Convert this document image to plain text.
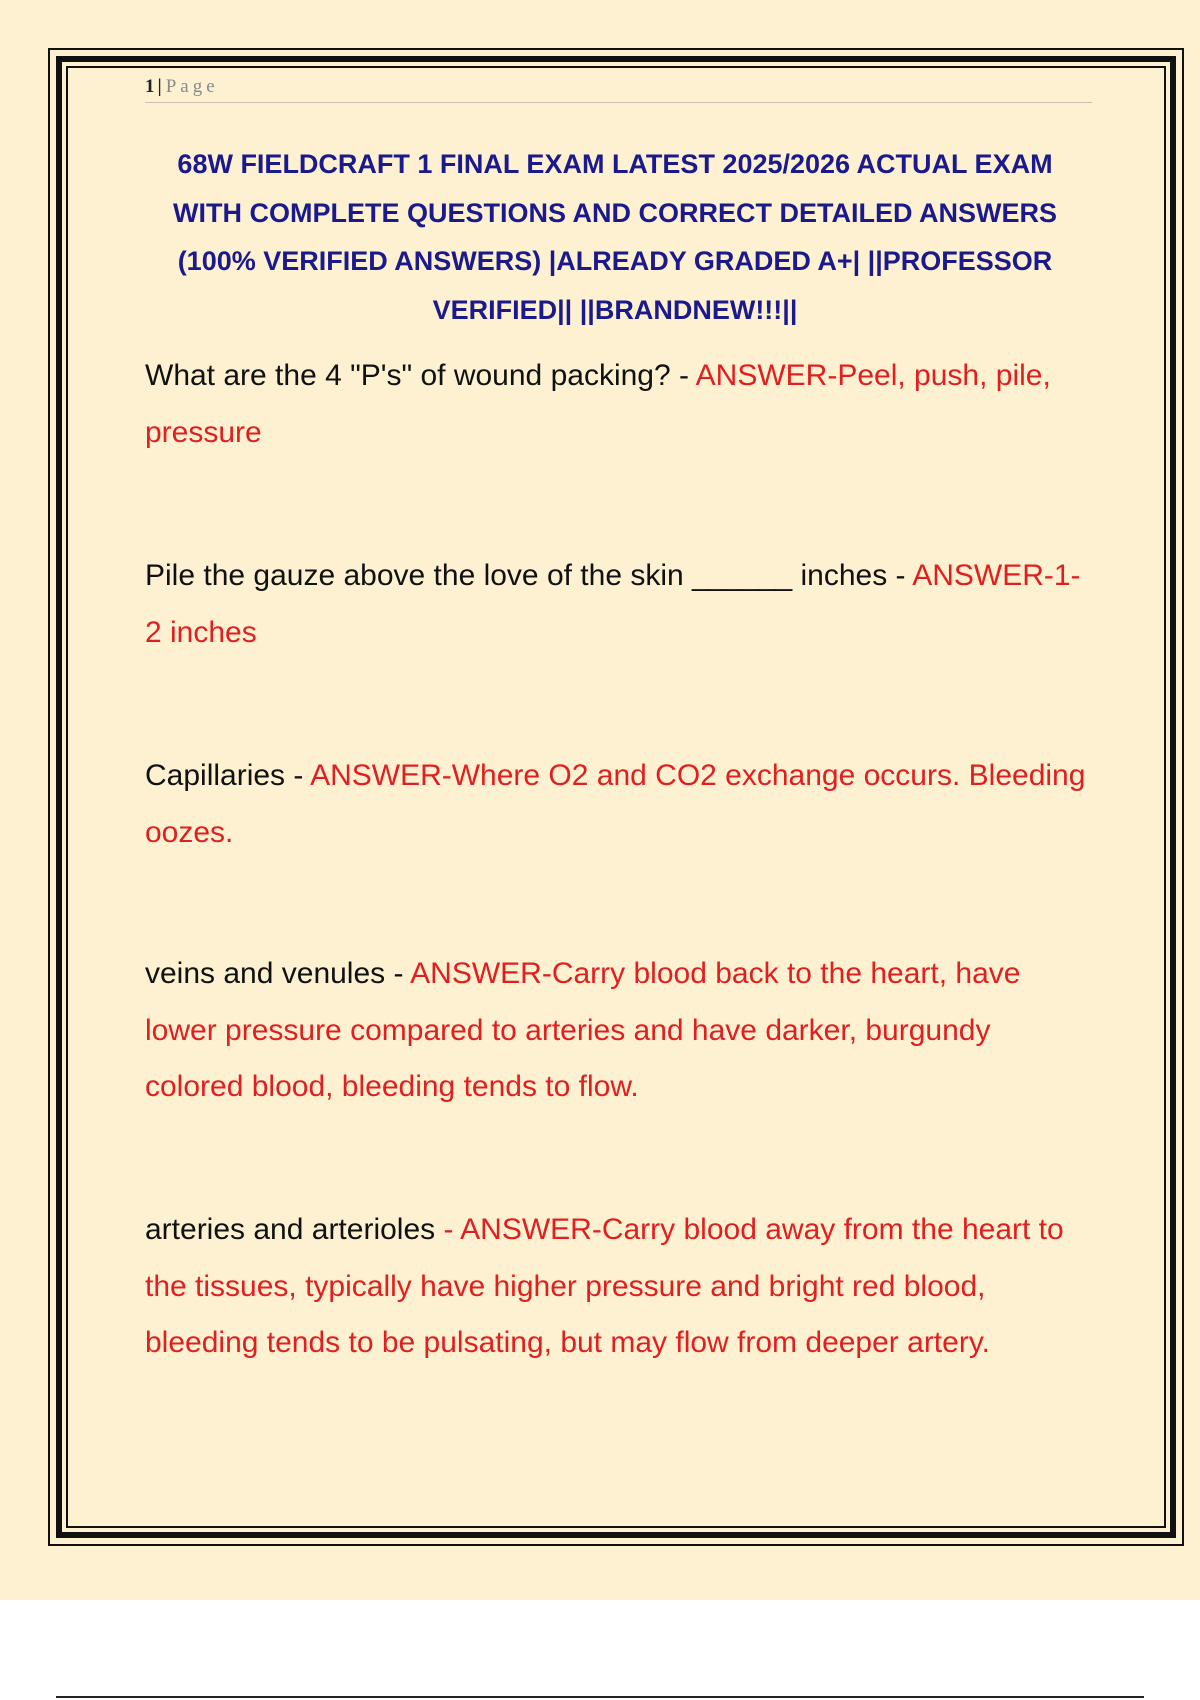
1 | Page
68W FIELDCRAFT 1 FINAL EXAM LATEST 2025/2026 ACTUAL EXAM WITH COMPLETE QUESTIONS AND CORRECT DETAILED ANSWERS (100% VERIFIED ANSWERS) |ALREADY GRADED A+| ||PROFESSOR VERIFIED|| ||BRANDNEW!!!||

What are the 4 "P's" of wound packing? - ANSWER-Peel, push, pile, pressure

Pile the gauze above the love of the skin ______ inches - ANSWER-1-2 inches

Capillaries - ANSWER-Where O2 and CO2 exchange occurs. Bleeding oozes.

veins and venules - ANSWER-Carry blood back to the heart, have lower pressure compared to arteries and have darker, burgundy colored blood, bleeding tends to flow.

arteries and arterioles - ANSWER-Carry blood away from the heart to the tissues, typically have higher pressure and bright red blood, bleeding tends to be pulsating, but may flow from deeper artery.
